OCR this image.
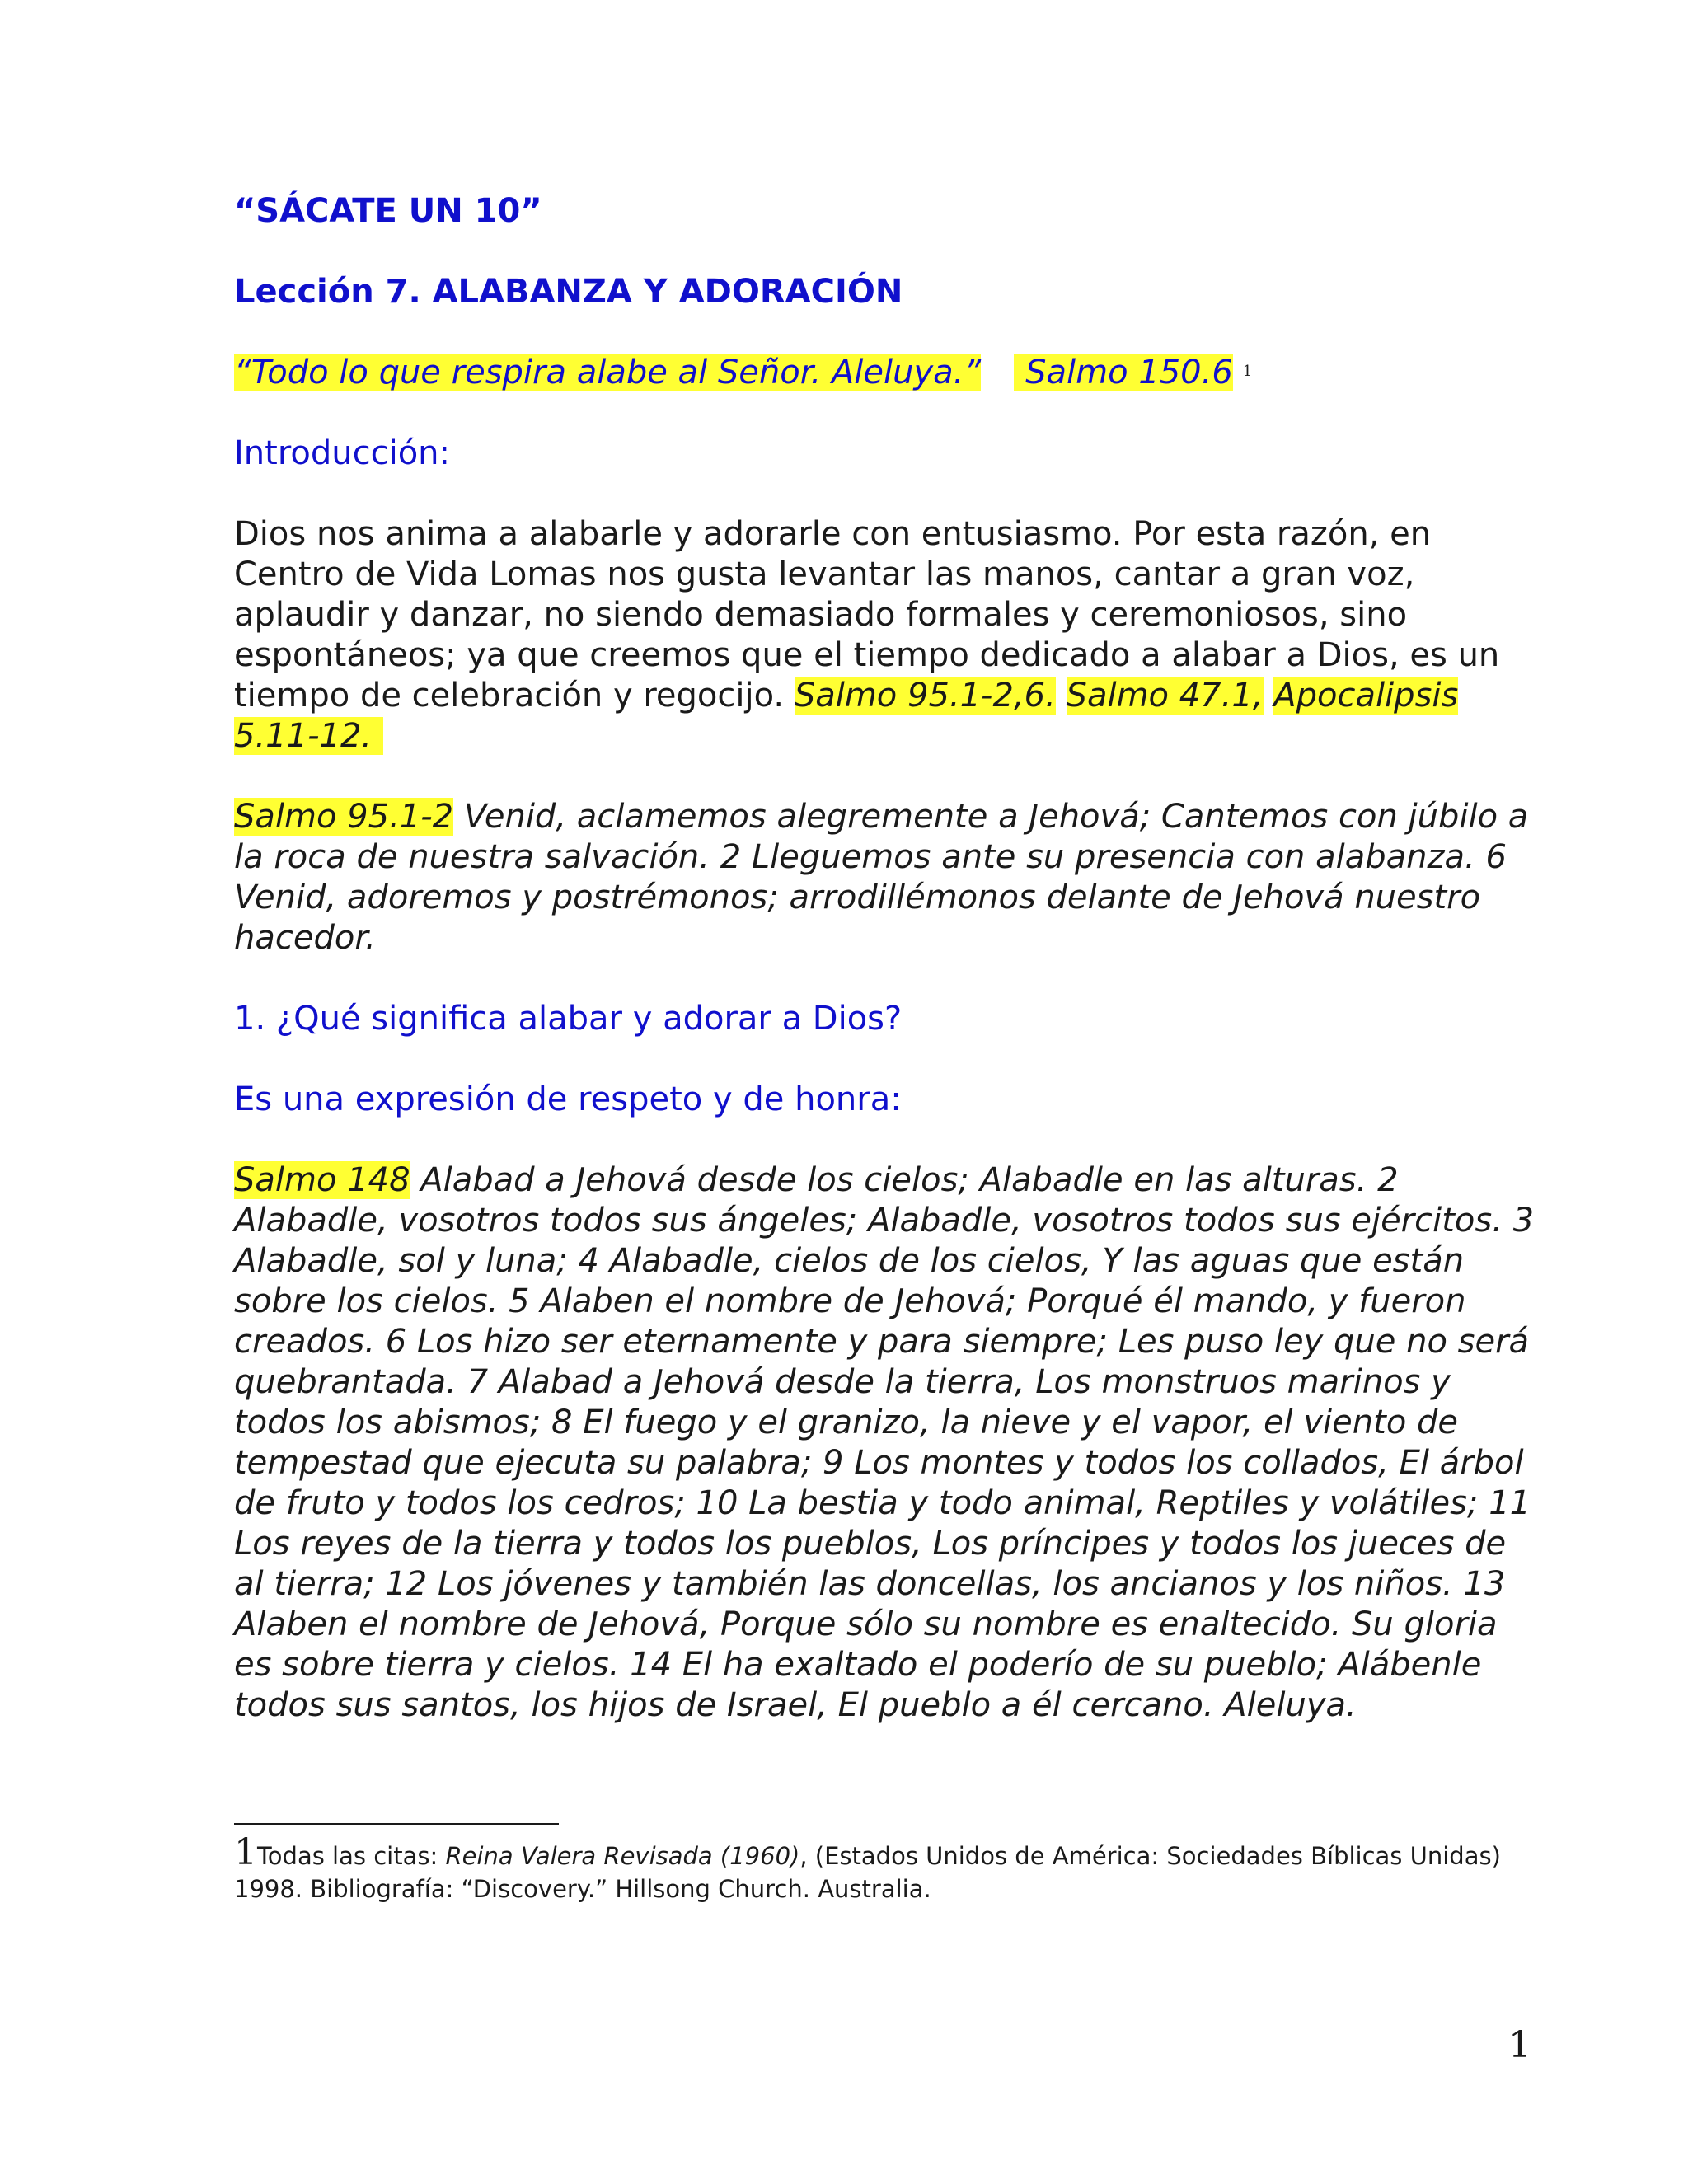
“SÁCATE UN 10”

Lección 7. ALABANZA Y ADORACIÓN

“Todo lo que respira alabe al Señor. Aleluya.” Salmo 150.6 $^1$

Introducción:

Dios nos anima a alabarle y adorarle con entusiasmo. Por esta razón, en Centro de Vida Lomas nos gusta levantar las manos, cantar a gran voz, aplaudir y danzar, no siendo demasiado formales y ceremoniosos, sino espontáneos; ya que creemos que el tiempo dedicado a alabar a Dios, es un tiempo de celebración y regocijo. Salmo 95.1-2,6. Salmo 47.1, Apocalipsis 5.11-12.

Salmo 95.1-2 Venid, aclamemos alegremente a Jehová; Cantemos con júbilo a la roca de nuestra salvación. 2 Lleguemos ante su presencia con alabanza. 6 Venid, adoremos y postrémonos; arrodillémonos delante de Jehová nuestro hacedor.

1. ¿Qué significa alabar y adorar a Dios?

Es una expresión de respeto y de honra:

Salmo 148 Alabad a Jehová desde los cielos; Alabadle en las alturas. 2 Alabadle, vosotros todos sus ángeles; Alabadle, vosotros todos sus ejércitos. 3 Alabadle, sol y luna; 4 Alabadle, cielos de los cielos, Y las aguas que están sobre los cielos. 5 Alaben el nombre de Jehová; Porqué él mando, y fueron creados. 6 Los hizo ser eternamente y para siempre; Les puso ley que no será quebrantada. 7 Alabad a Jehová desde la tierra, Los monstruos marinos y todos los abismos; 8 El fuego y el granizo, la nieve y el vapor, el viento de tempestad que ejecuta su palabra; 9 Los montes y todos los collados, El árbol de fruto y todos los cedros; 10 La bestia y todo animal, Reptiles y volátiles; 11 Los reyes de la tierra y todos los pueblos, Los príncipes y todos los jueces de al tierra; 12 Los jóvenes y también las doncellas, los ancianos y los niños. 13 Alaben el nombre de Jehová, Porque sólo su nombre es enaltecido. Su gloria es sobre tierra y cielos. 14 El ha exaltado el poderío de su pueblo; Alábenle todos sus santos, los hijos de Israel, El pueblo a él cercano. Aleluya.

1Todas las citas: Reina Valera Revisada (1960), (Estados Unidos de América: Sociedades Bíblicas Unidas) 1998. Bibliografía: “Discovery.” Hillsong Church. Australia.
1
